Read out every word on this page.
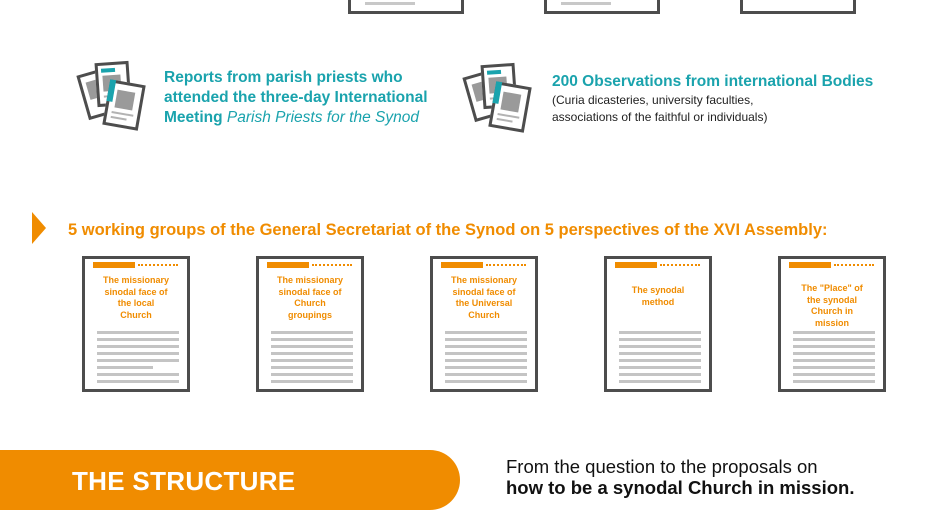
Reports from parish priests who
attended the three-day International
Meeting Parish Priests for the Synod
200 Observations from international Bodies
(Curia dicasteries, university faculties,
associations of the faithful or individuals)
5 working groups of the General Secretariat of the Synod on 5 perspectives of the XVI Assembly:
The missionary
sinodal face of
the local
Church
The missionary
sinodal face of
Church
groupings
The missionary
sinodal face of
the Universal
Church
The synodal
method
The "Place" of
the synodal
Church in
mission
THE STRUCTURE	From the question to the proposals on
how to be a synodal Church in mission.
